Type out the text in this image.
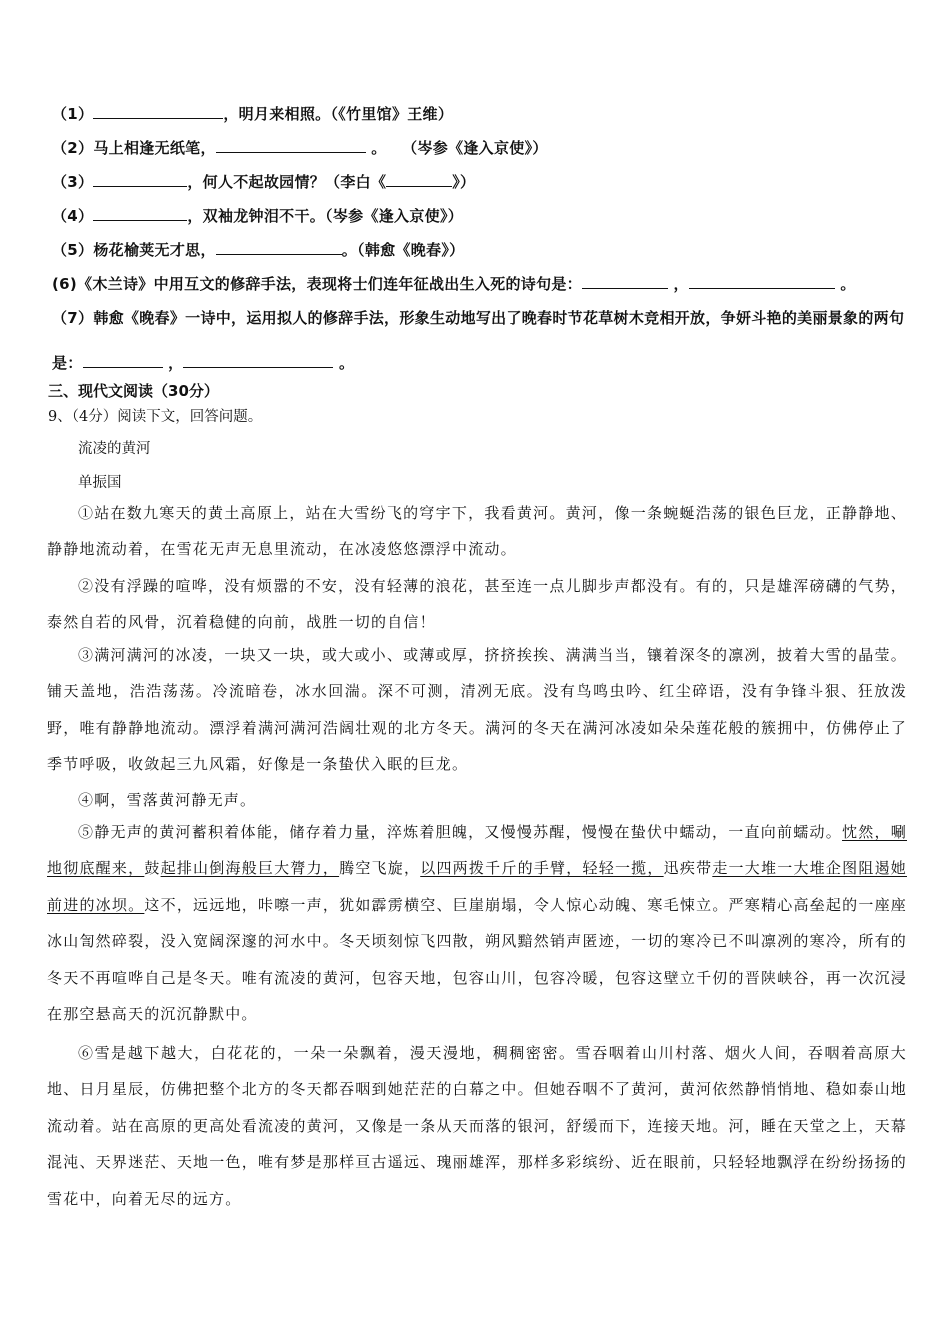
（1）	，明月来相照。（《竹里馆》王维）
（2）马上相逢无纸笔，	。　　（岑参《逢入京使》）
（3）	，何人不起故园情？（李白《	》）
（4）	，双袖龙钟泪不干。（岑参《逢入京使》）
（5）杨花榆荚无才思，	。（韩愈《晚春》）
(6)《木兰诗》中用互文的修辞手法，表现将士们连年征战出生入死的诗句是：	，	。
（7）韩愈《晚春》一诗中，运用拟人的修辞手法，形象生动地写出了晚春时节花草树木竞相开放，争妍斗艳的美丽景象的两句是：	，	。
三、现代文阅读（30分）
9、（4分）阅读下文，回答问题。
流凌的黄河
单振国

①站在数九寒天的黄土高原上，站在大雪纷飞的穹宇下，我看黄河。黄河，像一条蜿蜒浩荡的银色巨龙，正静静地、静静地流动着，在雪花无声无息里流动，在冰凌悠悠漂浮中流动。

②没有浮躁的喧哗，没有烦嚣的不安，没有轻薄的浪花，甚至连一点儿脚步声都没有。有的，只是雄浑磅礴的气势，泰然自若的风骨，沉着稳健的向前，战胜一切的自信！

③满河满河的冰凌，一块又一块，或大或小、或薄或厚，挤挤挨挨、满满当当，镶着深冬的凛冽，披着大雪的晶莹。铺天盖地，浩浩荡荡。冷流暗卷，冰水回湍。深不可测，清冽无底。没有鸟鸣虫吟、红尘碎语，没有争锋斗狠、狂放泼野，唯有静静地流动。漂浮着满河满河浩阔壮观的北方冬天。满河的冬天在满河冰凌如朵朵莲花般的簇拥中，仿佛停止了季节呼吸，收敛起三九风霜，好像是一条蛰伏入眠的巨龙。

④啊，雪落黄河静无声。

⑤静无声的黄河蓄积着体能，储存着力量，淬炼着胆魄，又慢慢苏醒，慢慢在蛰伏中蠕动，一直向前蠕动。忱然，唰地彻底醒来，鼓起排山倒海般巨大膂力，腾空飞旋，以四两拨千斤的手臂，轻轻一揽，迅疾带走一大堆一大堆企图阻遏她前进的冰坝。这不，远远地，咔嚓一声，犹如霹雳横空、巨崖崩塌，令人惊心动魄、寒毛悚立。严寒精心高垒起的一座座冰山訇然碎裂，没入宽阔深邃的河水中。冬天顷刻惊飞四散，朔风黯然销声匿迹，一切的寒冷已不叫凛冽的寒冷，所有的冬天不再喧哗自己是冬天。唯有流凌的黄河，包容天地，包容山川，包容冷暖，包容这壁立千仞的晋陕峡谷，再一次沉浸在那空悬高天的沉沉静默中。

⑥雪是越下越大，白花花的，一朵一朵飘着，漫天漫地，稠稠密密。雪吞咽着山川村落、烟火人间，吞咽着高原大地、日月星辰，仿佛把整个北方的冬天都吞咽到她茫茫的白幕之中。但她吞咽不了黄河，黄河依然静悄悄地、稳如泰山地流动着。站在高原的更高处看流凌的黄河，又像是一条从天而落的银河，舒缓而下，连接天地。河，睡在天堂之上，天幕混沌、天界迷茫、天地一色，唯有梦是那样亘古遥远、瑰丽雄浑，那样多彩缤纷、近在眼前，只轻轻地飘浮在纷纷扬扬的雪花中，向着无尽的远方。
